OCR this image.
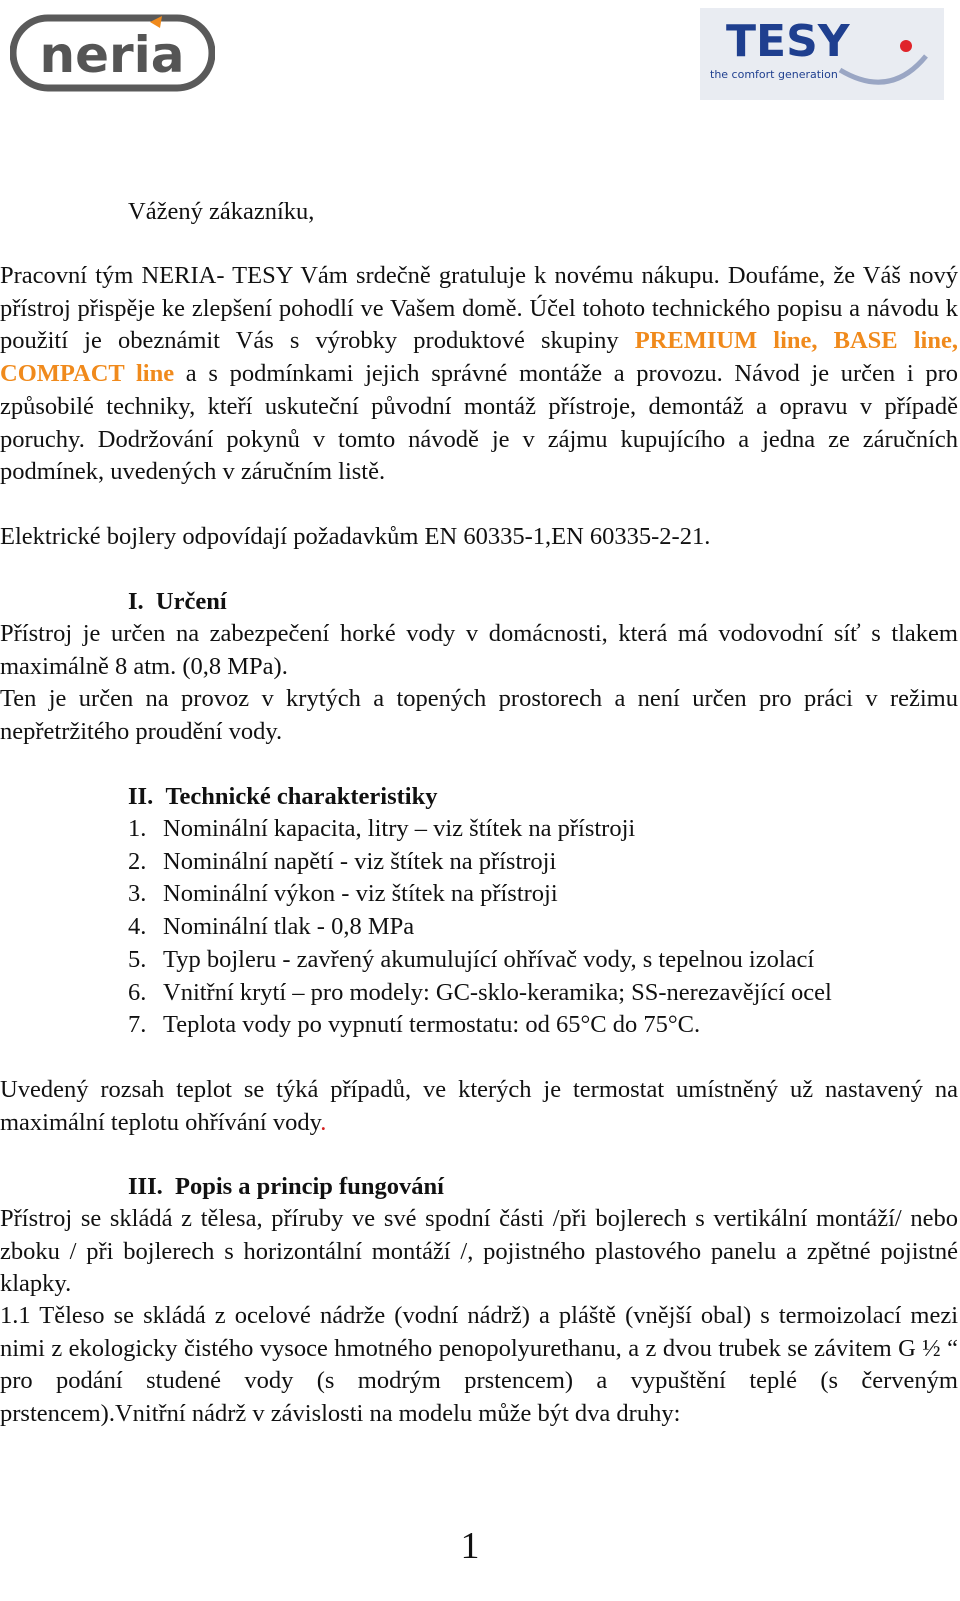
neria	TESY
the comfort generation
Vážený zákazníku,
Pracovní tým NERIA- TESY Vám srdečně gratuluje k novému nákupu. Doufáme, že Váš nový přístroj přispěje ke zlepšení pohodlí ve Vašem domě. Účel tohoto technického popisu a návodu k použití je obeznámit Vás s výrobky produktové skupiny PREMIUM line, BASE line, COMPACT line a s podmínkami jejich správné montáže a provozu. Návod je určen i pro způsobilé techniky, kteří uskuteční původní montáž přístroje, demontáž a opravu v případě poruchy. Dodržování pokynů v tomto návodě je v zájmu kupujícího a jedna ze záručních podmínek, uvedených v záručním listě.
Elektrické bojlery odpovídají požadavkům EN 60335-1,EN 60335-2-21.
I. Určení
Přístroj je určen na zabezpečení horké vody v domácnosti, která má vodovodní síť s tlakem maximálně 8 atm. (0,8 MPa).
Ten je určen na provoz v krytých a topených prostorech a není určen pro práci v režimu nepřetržitého proudění vody.
II. Technické charakteristiky
1. Nominální kapacita, litry – viz štítek na přístroji
2. Nominální napětí - viz štítek na přístroji
3. Nominální výkon - viz štítek na přístroji
4. Nominální tlak - 0,8 MPa
5. Typ bojleru - zavřený akumulující ohřívač vody, s tepelnou izolací
6. Vnitřní krytí – pro modely: GC-sklo-keramika; SS-nerezavějící ocel
7. Teplota vody po vypnutí termostatu: od 65°C do 75°C.
Uvedený rozsah teplot se týká případů, ve kterých je termostat umístněný už nastavený na maximální teplotu ohřívání vody.
III. Popis a princip fungování
Přístroj se skládá z tělesa, příruby ve své spodní části /při bojlerech s vertikální montáží/ nebo zboku / při bojlerech s horizontální montáží /, pojistného plastového panelu a zpětné pojistné klapky.
1.1 Těleso se skládá z ocelové nádrže (vodní nádrž) a pláště (vnější obal) s termoizolací mezi nimi z ekologicky čistého vysoce hmotného penopolyurethanu, a z dvou trubek se závitem G ½ “ pro podání studené vody (s modrým prstencem) a vypuštění teplé (s červeným prstencem).Vnitřní nádrž v závislosti na modelu může být dva druhy:
1
